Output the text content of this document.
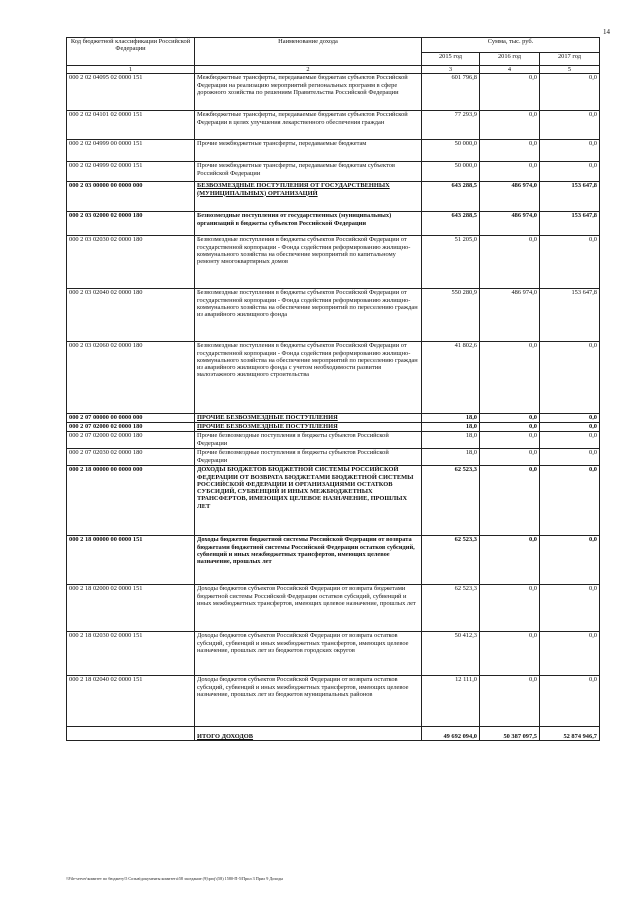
14
Код бюджетной классификации Российской Федерации	Наименование дохода	Сумма, тыс. руб.		
		2015 год	2016 год	2017 год
1	2	3	4	5
000 2 02 04095 02 0000 151	Межбюджетные трансферты, передаваемые бюджетам субъектов Российской Федерации на реализацию мероприятий региональных программ в сфере дорожного хозяйства по решениям Правительства Российской Федерации	601 796,8	0,0	0,0
000 2 02 04101 02 0000 151	Межбюджетные трансферты, передаваемые бюджетам субъектов Российской Федерации в целях улучшения лекарственного обеспечения граждан	77 293,9	0,0	0,0
000 2 02 04999 00 0000 151	Прочие межбюджетные трансферты, передаваемые бюджетам	50 000,0	0,0	0,0
000 2 02 04999 02 0000 151	Прочие межбюджетные трансферты, передаваемые бюджетам субъектов Российской Федерации	50 000,0	0,0	0,0
000 2 03 00000 00 0000 000	БЕЗВОЗМЕЗДНЫЕ ПОСТУПЛЕНИЯ ОТ ГОСУДАРСТВЕННЫХ (МУНИЦИПАЛЬНЫХ) ОРГАНИЗАЦИЙ	643 288,5	486 974,0	153 647,8
000 2 03 02000 02 0000 180	Безвозмездные поступления от государственных (муниципальных) организаций в бюджеты субъектов Российской Федерации	643 288,5	486 974,0	153 647,8
000 2 03 02030 02 0000 180	Безвозмездные поступления в бюджеты субъектов Российской Федерации от государственной корпорации - Фонда содействия реформированию жилищно-коммунального хозяйства на обеспечение мероприятий по капитальному ремонту многоквартирных домов	51 205,0	0,0	0,0
000 2 03 02040 02 0000 180	Безвозмездные поступления в бюджеты субъектов Российской Федерации от государственной корпорации - Фонда содействия реформированию жилищно-коммунального хозяйства на обеспечение мероприятий по переселению граждан из аварийного жилищного фонда	550 280,9	486 974,0	153 647,8
000 2 03 02060 02 0000 180	Безвозмездные поступления в бюджеты субъектов Российской Федерации от государственной корпорации - Фонда содействия реформированию жилищно-коммунального хозяйства на обеспечение мероприятий по переселению граждан из аварийного жилищного фонда с учетом необходимости развития малоэтажного жилищного строительства	41 802,6	0,0	0,0
000 2 07 00000 00 0000 000	ПРОЧИЕ БЕЗВОЗМЕЗДНЫЕ ПОСТУПЛЕНИЯ	18,0	0,0	0,0
000 2 07 02000 02 0000 180	ПРОЧИЕ БЕЗВОЗМЕЗДНЫЕ ПОСТУПЛЕНИЯ	18,0	0,0	0,0
000 2 07 02000 02 0000 180	Прочие безвозмездные поступления в бюджеты субъектов Российской Федерации	18,0	0,0	0,0
000 2 07 02030 02 0000 180	Прочие безвозмездные поступления в бюджеты субъектов Российской Федерации	18,0	0,0	0,0
000 2 18 00000 00 0000 000	ДОХОДЫ БЮДЖЕТОВ БЮДЖЕТНОЙ СИСТЕМЫ РОССИЙСКОЙ ФЕДЕРАЦИИ ОТ ВОЗВРАТА БЮДЖЕТАМИ БЮДЖЕТНОЙ СИСТЕМЫ РОССИЙСКОЙ ФЕДЕРАЦИИ И ОРГАНИЗАЦИЯМИ ОСТАТКОВ СУБСИДИЙ, СУБВЕНЦИЙ И ИНЫХ МЕЖБЮДЖЕТНЫХ ТРАНСФЕРТОВ, ИМЕЮЩИХ ЦЕЛЕВОЕ НАЗНАЧЕНИЕ, ПРОШЛЫХ ЛЕТ	62 523,3	0,0	0,0
000 2 18 00000 00 0000 151	Доходы бюджетов бюджетной системы Российской Федерации от возврата бюджетами бюджетной системы Российской Федерации остатков субсидий, субвенций и иных межбюджетных трансфертов, имеющих целевое назначение, прошлых лет	62 523,3	0,0	0,0
000 2 18 02000 02 0000 151	Доходы бюджетов субъектов Российской Федерации от возврата бюджетами бюджетной системы Российской Федерации остатков субсидий, субвенций и иных межбюджетных трансфертов, имеющих целевое назначение, прошлых лет	62 523,3	0,0	0,0
000 2 18 02030 02 0000 151	Доходы бюджетов субъектов Российской Федерации от возврата остатков субсидий, субвенций и иных межбюджетных трансфертов, имеющих целевое назначение, прошлых лет из бюджетов городских округов	50 412,3	0,0	0,0
000 2 18 02040 02 0000 151	Доходы бюджетов субъектов Российской Федерации от возврата остатков субсидий, субвенций и иных межбюджетных трансфертов, имеющих целевое назначение, прошлых лет из бюджетов муниципальных районов	12 111,0	0,0	0,0
	ИТОГО ДОХОДОВ	49 692 094,0	50 387 097,5	52 874 946,7
\\File-server\комитет по бюджету\5 Созыв\документы комитета\58 заседание (9)\proj\(58) 1580-П-5\Прил 3 Прил 9 Доходы
